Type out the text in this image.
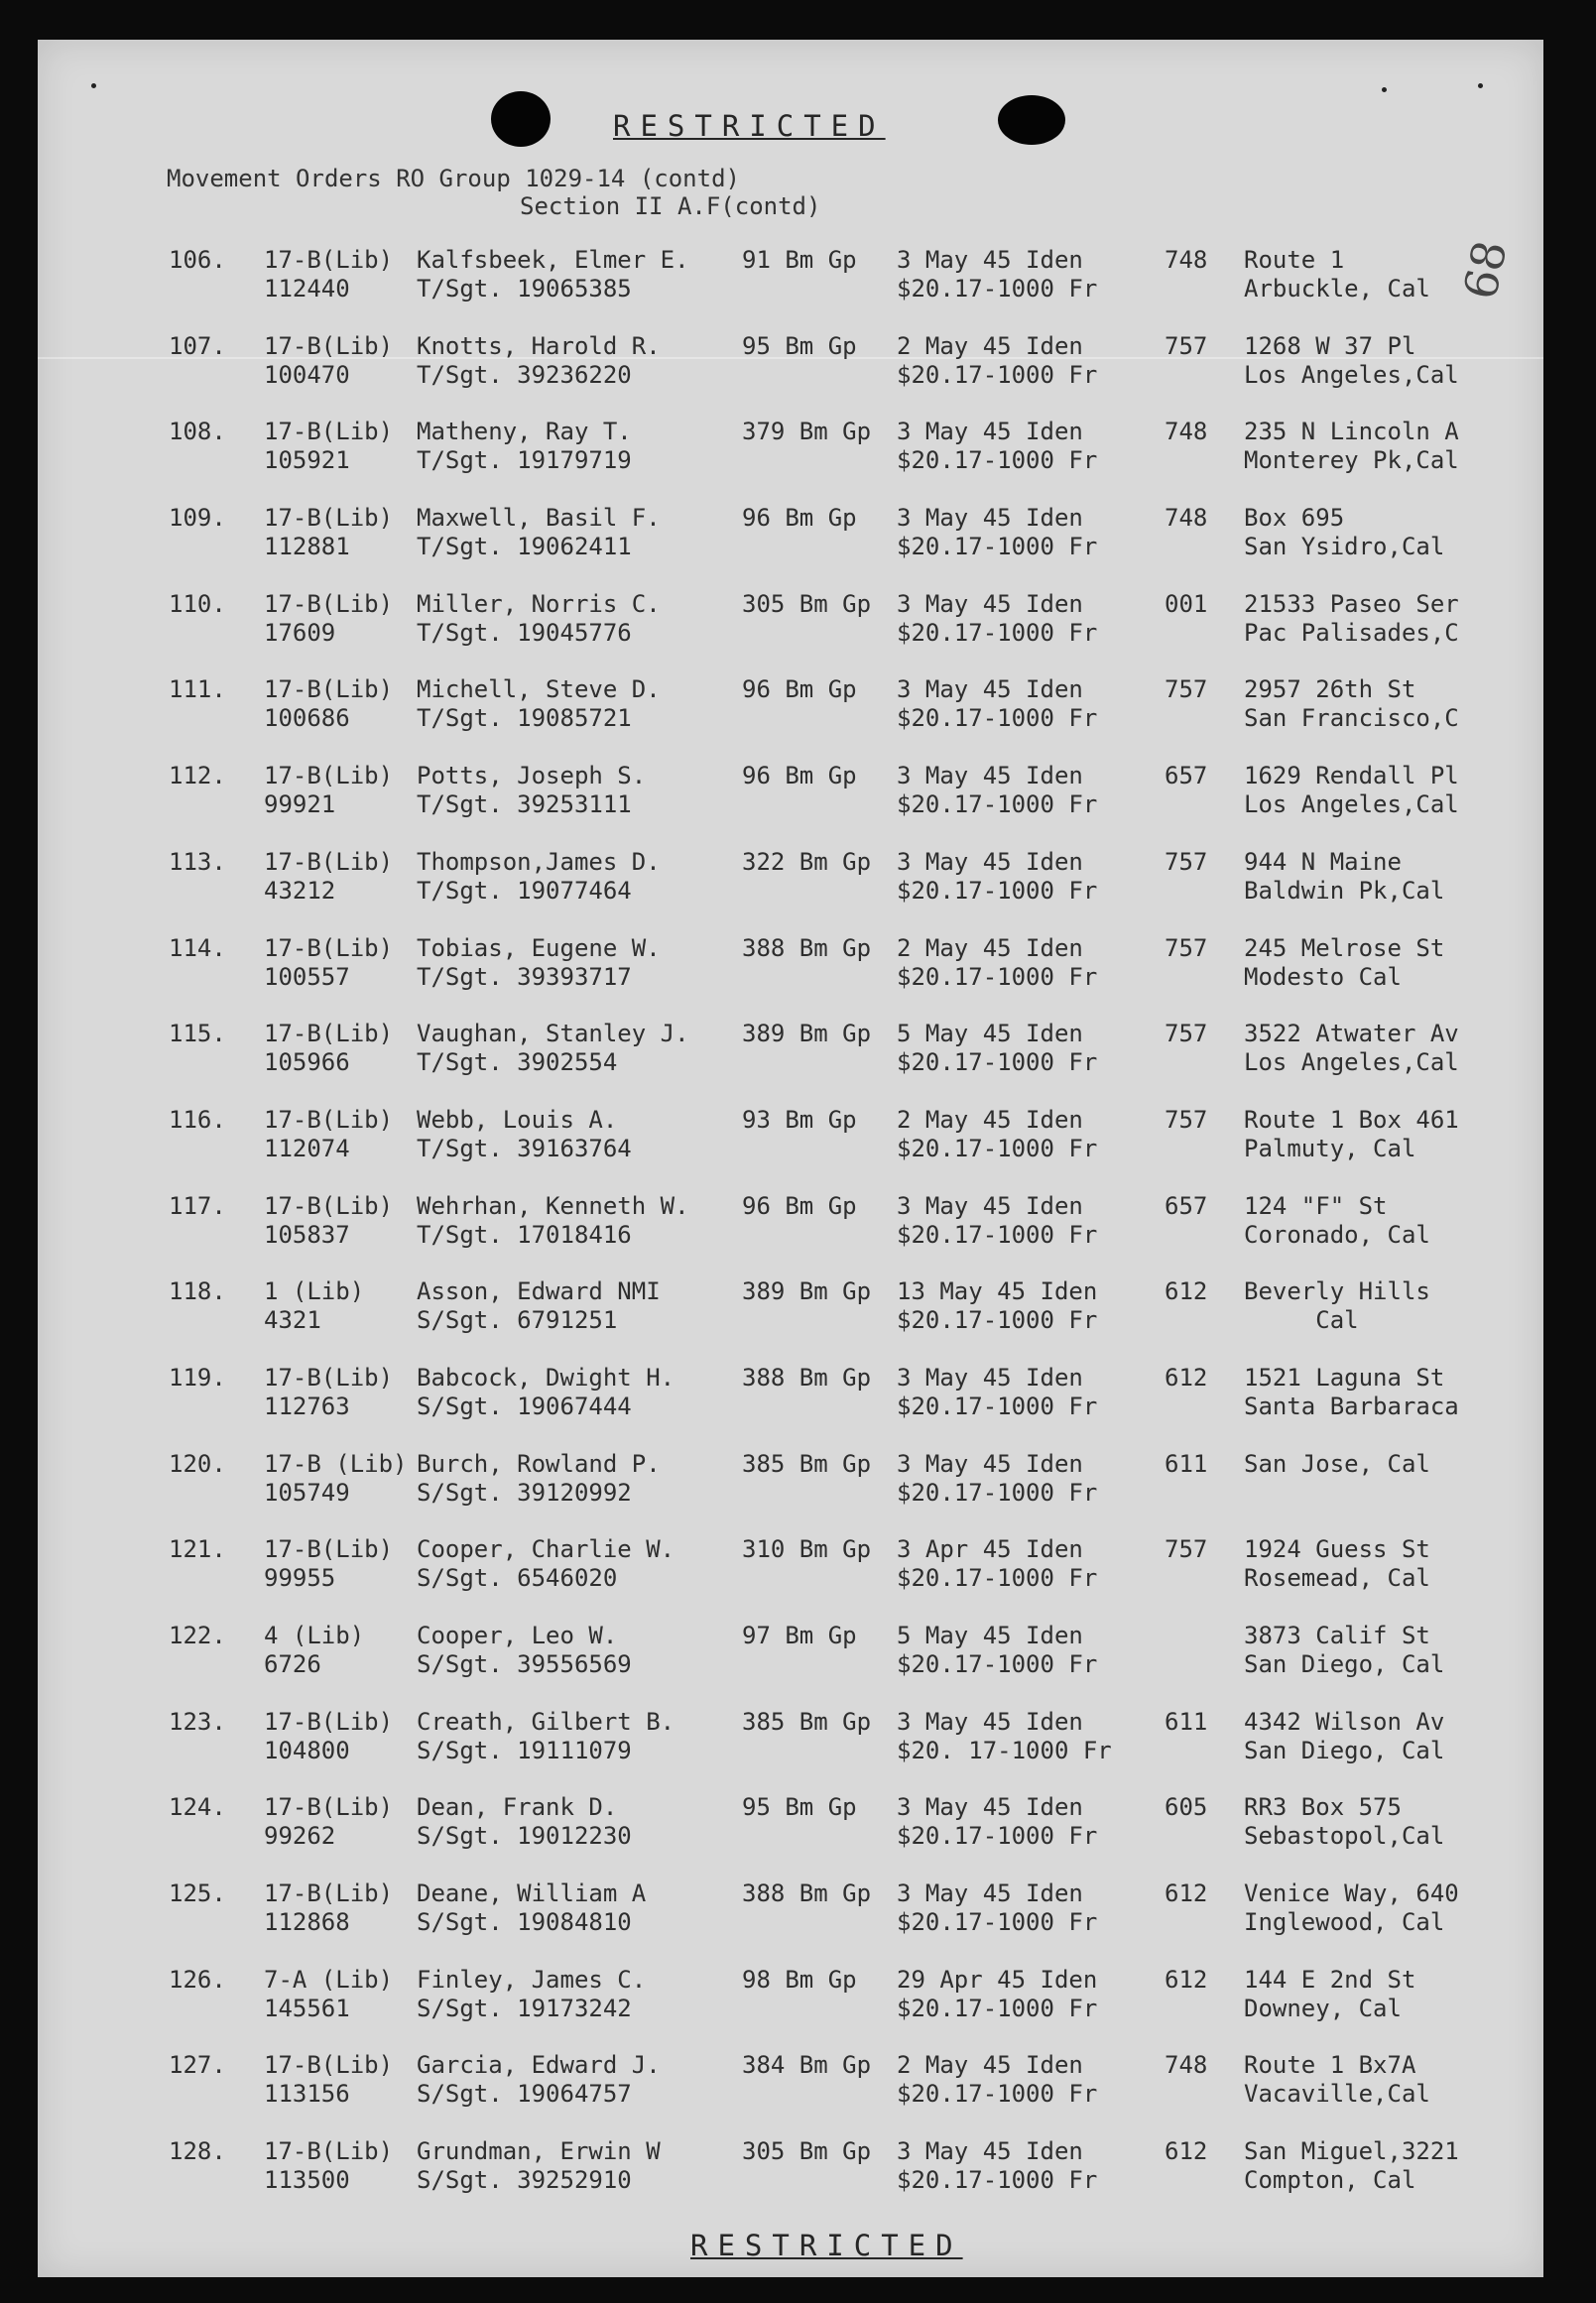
RESTRICTED
Movement Orders RO Group 1029-14 (contd)
Section II A.F(contd)
68
106. 17-B(Lib)
112440
Kalfsbeek, Elmer E.
T/Sgt. 19065385
91 Bm Gp 3 May 45 Iden
$20.17-1000 Fr
748 Route 1
Arbuckle, Cal
107. 17-B(Lib)
100470
Knotts, Harold R.
T/Sgt. 39236220
95 Bm Gp 2 May 45 Iden
$20.17-1000 Fr
757 1268 W 37 Pl
Los Angeles,Cal
108. 17-B(Lib)
105921
Matheny, Ray T.
T/Sgt. 19179719
379 Bm Gp 3 May 45 Iden
$20.17-1000 Fr
748 235 N Lincoln A
Monterey Pk,Cal
109. 17-B(Lib)
112881
Maxwell, Basil F.
T/Sgt. 19062411
96 Bm Gp 3 May 45 Iden
$20.17-1000 Fr
748 Box 695
San Ysidro,Cal
110. 17-B(Lib)
17609
Miller, Norris C.
T/Sgt. 19045776
305 Bm Gp 3 May 45 Iden
$20.17-1000 Fr
001 21533 Paseo Ser
Pac Palisades,C
111. 17-B(Lib)
100686
Michell, Steve D.
T/Sgt. 19085721
96 Bm Gp 3 May 45 Iden
$20.17-1000 Fr
757 2957 26th St
San Francisco,C
112. 17-B(Lib)
99921
Potts, Joseph S.
T/Sgt. 39253111
96 Bm Gp 3 May 45 Iden
$20.17-1000 Fr
657 1629 Rendall Pl
Los Angeles,Cal
113. 17-B(Lib)
43212
Thompson,James D.
T/Sgt. 19077464
322 Bm Gp 3 May 45 Iden
$20.17-1000 Fr
757 944 N Maine
Baldwin Pk,Cal
114. 17-B(Lib)
100557
Tobias, Eugene W.
T/Sgt. 39393717
388 Bm Gp 2 May 45 Iden
$20.17-1000 Fr
757 245 Melrose St
Modesto Cal
115. 17-B(Lib)
105966
Vaughan, Stanley J.
T/Sgt. 3902554
389 Bm Gp 5 May 45 Iden
$20.17-1000 Fr
757 3522 Atwater Av
Los Angeles,Cal
116. 17-B(Lib)
112074
Webb, Louis A.
T/Sgt. 39163764
93 Bm Gp 2 May 45 Iden
$20.17-1000 Fr
757 Route 1 Box 461
Palmuty, Cal
117. 17-B(Lib)
105837
Wehrhan, Kenneth W.
T/Sgt. 17018416
96 Bm Gp 3 May 45 Iden
$20.17-1000 Fr
657 124 "F" St
Coronado, Cal
118. 1 (Lib)
4321
Asson, Edward NMI
S/Sgt. 6791251
389 Bm Gp 13 May 45 Iden
$20.17-1000 Fr
612 Beverly Hills
Cal
119. 17-B(Lib)
112763
Babcock, Dwight H.
S/Sgt. 19067444
388 Bm Gp 3 May 45 Iden
$20.17-1000 Fr
612 1521 Laguna St
Santa Barbaraca
120. 17-B (Lib)
105749
Burch, Rowland P.
S/Sgt. 39120992
385 Bm Gp 3 May 45 Iden
$20.17-1000 Fr
611 San Jose, Cal
121. 17-B(Lib)
99955
Cooper, Charlie W.
S/Sgt. 6546020
310 Bm Gp 3 Apr 45 Iden
$20.17-1000 Fr
757 1924 Guess St
Rosemead, Cal
122. 4 (Lib)
6726
Cooper, Leo W.
S/Sgt. 39556569
97 Bm Gp 5 May 45 Iden
$20.17-1000 Fr
3873 Calif St
San Diego, Cal
123. 17-B(Lib)
104800
Creath, Gilbert B.
S/Sgt. 19111079
385 Bm Gp 3 May 45 Iden
$20. 17-1000 Fr
611 4342 Wilson Av
San Diego, Cal
124. 17-B(Lib)
99262
Dean, Frank D.
S/Sgt. 19012230
95 Bm Gp 3 May 45 Iden
$20.17-1000 Fr
605 RR3 Box 575
Sebastopol,Cal
125. 17-B(Lib)
112868
Deane, William A
S/Sgt. 19084810
388 Bm Gp 3 May 45 Iden
$20.17-1000 Fr
612 Venice Way, 640
Inglewood, Cal
126. 7-A (Lib)
145561
Finley, James C.
S/Sgt. 19173242
98 Bm Gp 29 Apr 45 Iden
$20.17-1000 Fr
612 144 E 2nd St
Downey, Cal
127. 17-B(Lib)
113156
Garcia, Edward J.
S/Sgt. 19064757
384 Bm Gp 2 May 45 Iden
$20.17-1000 Fr
748 Route 1 Bx7A
Vacaville,Cal
128. 17-B(Lib)
113500
Grundman, Erwin W
S/Sgt. 39252910
305 Bm Gp 3 May 45 Iden
$20.17-1000 Fr
612 San Miguel,3221
Compton, Cal
RESTRICTED
